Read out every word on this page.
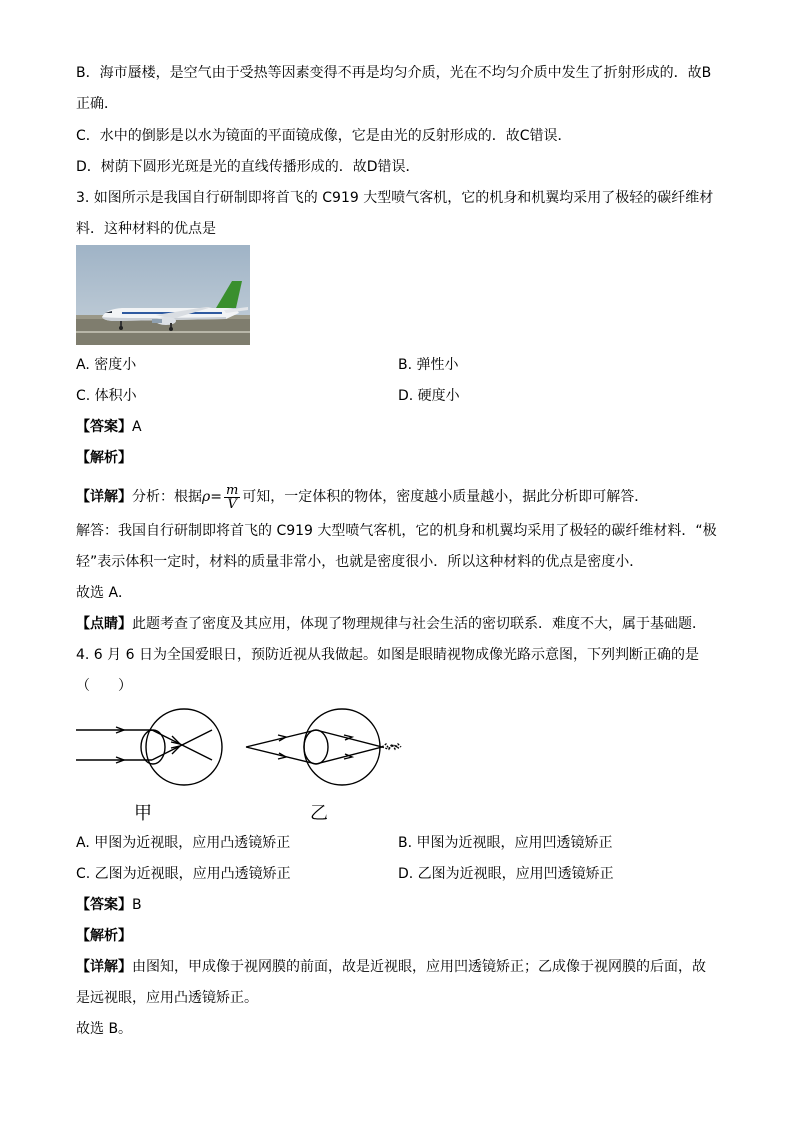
B．海市蜃楼，是空气由于受热等因素变得不再是均匀介质，光在不均匀介质中发生了折射形成的．故B
正确．
C．水中的倒影是以水为镜面的平面镜成像，它是由光的反射形成的．故C错误．
D．树荫下圆形光斑是光的直线传播形成的．故D错误．
3. 如图所示是我国自行研制即将首飞的 C919 大型喷气客机，它的机身和机翼均采用了极轻的碳纤维材
料．这种材料的优点是
A. 密度小	B. 弹性小
C. 体积小	D. 硬度小
【答案】A
【解析】
【详解】分析：根据$\rho= \frac{m}{V}$ 可知，一定体积的物体，密度越小质量越小，据此分析即可解答．
解答：我国自行研制即将首飞的 C919 大型喷气客机，它的机身和机翼均采用了极轻的碳纤维材料．“极
轻”表示体积一定时，材料的质量非常小，也就是密度很小．所以这种材料的优点是密度小．
故选 A．
【点睛】此题考查了密度及其应用，体现了物理规律与社会生活的密切联系．难度不大，属于基础题．
4. 6 月 6 日为全国爱眼日，预防近视从我做起。如图是眼睛视物成像光路示意图，下列判断正确的是
（　　）
甲	乙
A. 甲图为近视眼，应用凸透镜矫正	B. 甲图为近视眼，应用凹透镜矫正
C. 乙图为近视眼，应用凸透镜矫正	D. 乙图为近视眼，应用凹透镜矫正
【答案】B
【解析】
【详解】由图知，甲成像于视网膜的前面，故是近视眼，应用凹透镜矫正；乙成像于视网膜的后面，故
是远视眼，应用凸透镜矫正。
故选 B。
